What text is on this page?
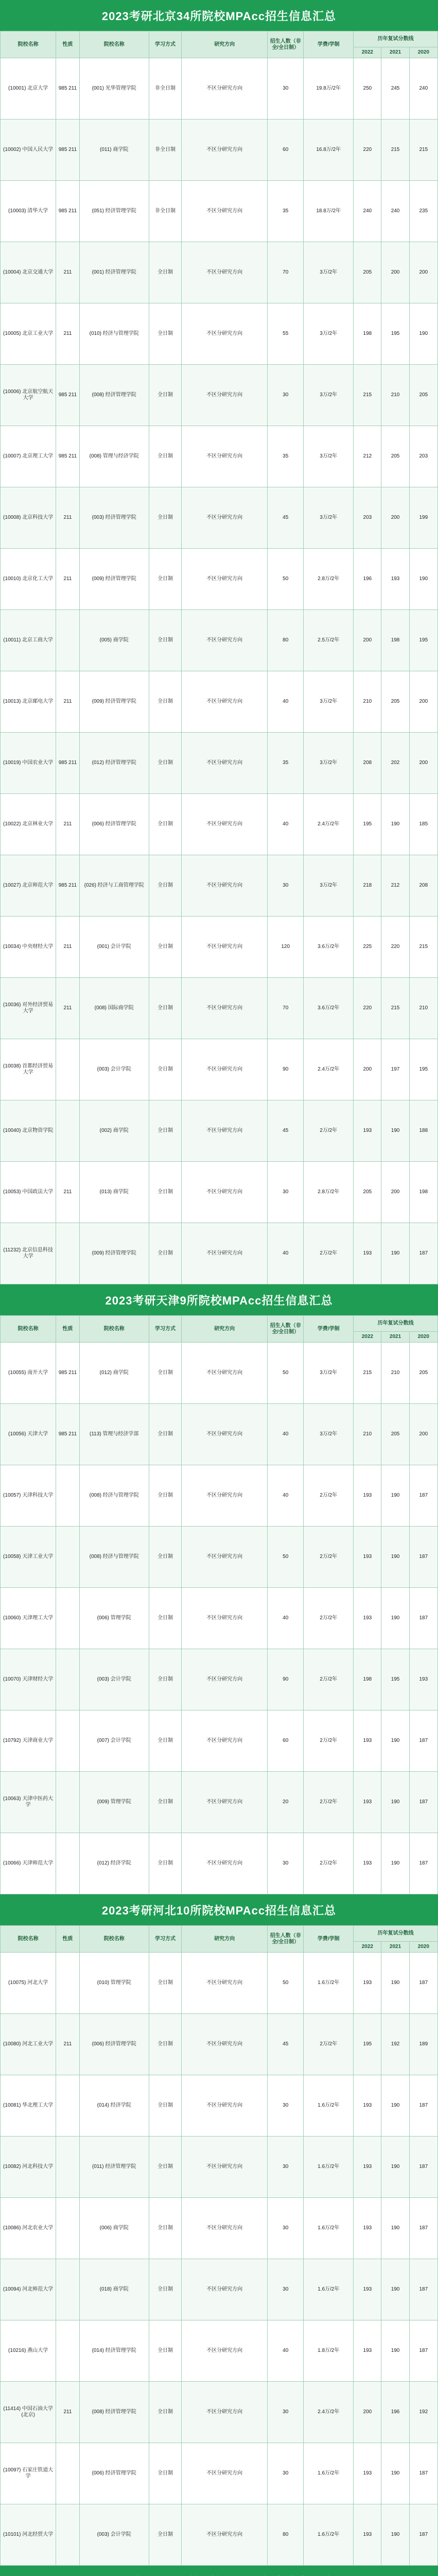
2023考研北京34所院校MPAcc招生信息汇总
院校名称	性质	院校名称	学习方式	研究方向	招生人数（非全/全日制）	学费/学制	历年复试分数线		
							2022	2021	2020
(10001) 北京大学	985 211	(001) 光华管理学院	非全日制	不区分研究方向	30	19.8万/2年	250	245	240
(10002) 中国人民大学	985 211	(011) 商学院	非全日制	不区分研究方向	60	16.8万/2年	220	215	215
(10003) 清华大学	985 211	(051) 经济管理学院	非全日制	不区分研究方向	35	18.8万/2年	240	240	235
(10004) 北京交通大学	211	(001) 经济管理学院	全日制	不区分研究方向	70	3万/2年	205	200	200
(10005) 北京工业大学	211	(010) 经济与管理学院	全日制	不区分研究方向	55	3万/2年	198	195	190
(10006) 北京航空航天大学	985 211	(008) 经济管理学院	全日制	不区分研究方向	30	3万/2年	215	210	205
(10007) 北京理工大学	985 211	(008) 管理与经济学院	全日制	不区分研究方向	35	3万/2年	212	205	203
(10008) 北京科技大学	211	(003) 经济管理学院	全日制	不区分研究方向	45	3万/2年	203	200	199
(10010) 北京化工大学	211	(009) 经济管理学院	全日制	不区分研究方向	50	2.8万/2年	196	193	190
(10011) 北京工商大学		(005) 商学院	全日制	不区分研究方向	80	2.5万/2年	200	198	195
(10013) 北京邮电大学	211	(009) 经济管理学院	全日制	不区分研究方向	40	3万/2年	210	205	200
(10019) 中国农业大学	985 211	(012) 经济管理学院	全日制	不区分研究方向	35	3万/2年	208	202	200
(10022) 北京林业大学	211	(006) 经济管理学院	全日制	不区分研究方向	40	2.4万/2年	195	190	185
(10027) 北京师范大学	985 211	(026) 经济与工商管理学院	全日制	不区分研究方向	30	3万/2年	218	212	208
(10034) 中央财经大学	211	(001) 会计学院	全日制	不区分研究方向	120	3.6万/2年	225	220	215
(10036) 对外经济贸易大学	211	(008) 国际商学院	全日制	不区分研究方向	70	3.6万/2年	220	215	210
(10038) 首都经济贸易大学		(003) 会计学院	全日制	不区分研究方向	90	2.4万/2年	200	197	195
(10040) 北京物资学院		(002) 商学院	全日制	不区分研究方向	45	2万/2年	193	190	188
(10053) 中国政法大学	211	(013) 商学院	全日制	不区分研究方向	30	2.8万/2年	205	200	198
(11232) 北京信息科技大学		(009) 经济管理学院	全日制	不区分研究方向	40	2万/2年	193	190	187
2023考研天津9所院校MPAcc招生信息汇总
院校名称	性质	院校名称	学习方式	研究方向	招生人数（非全/全日制）	学费/学制	历年复试分数线		
							2022	2021	2020
(10055) 南开大学	985 211	(012) 商学院	全日制	不区分研究方向	50	3万/2年	215	210	205
(10056) 天津大学	985 211	(113) 管理与经济学部	全日制	不区分研究方向	40	3万/2年	210	205	200
(10057) 天津科技大学		(008) 经济与管理学院	全日制	不区分研究方向	40	2万/2年	193	190	187
(10058) 天津工业大学		(008) 经济与管理学院	全日制	不区分研究方向	50	2万/2年	193	190	187
(10060) 天津理工大学		(006) 管理学院	全日制	不区分研究方向	40	2万/2年	193	190	187
(10070) 天津财经大学		(003) 会计学院	全日制	不区分研究方向	90	2万/2年	198	195	193
(10792) 天津商业大学		(007) 会计学院	全日制	不区分研究方向	60	2万/2年	193	190	187
(10063) 天津中医药大学		(009) 管理学院	全日制	不区分研究方向	20	2万/2年	193	190	187
(10066) 天津师范大学		(012) 经济学院	全日制	不区分研究方向	30	2万/2年	193	190	187
2023考研河北10所院校MPAcc招生信息汇总
院校名称	性质	院校名称	学习方式	研究方向	招生人数（非全/全日制）	学费/学制	历年复试分数线		
							2022	2021	2020
(10075) 河北大学		(010) 管理学院	全日制	不区分研究方向	50	1.6万/2年	193	190	187
(10080) 河北工业大学	211	(006) 经济管理学院	全日制	不区分研究方向	45	2万/2年	195	192	189
(10081) 华北理工大学		(014) 经济学院	全日制	不区分研究方向	30	1.6万/2年	193	190	187
(10082) 河北科技大学		(011) 经济管理学院	全日制	不区分研究方向	30	1.6万/2年	193	190	187
(10086) 河北农业大学		(006) 商学院	全日制	不区分研究方向	30	1.6万/2年	193	190	187
(10094) 河北师范大学		(018) 商学院	全日制	不区分研究方向	30	1.6万/2年	193	190	187
(10216) 燕山大学		(014) 经济管理学院	全日制	不区分研究方向	40	1.8万/2年	193	190	187
(11414) 中国石油大学(北京)	211	(008) 经济管理学院	全日制	不区分研究方向	30	2.4万/2年	200	196	192
(10097) 石家庄铁道大学		(006) 经济管理学院	全日制	不区分研究方向	30	1.6万/2年	193	190	187
(10101) 河北经贸大学		(003) 会计学院	全日制	不区分研究方向	80	1.6万/2年	193	190	187
